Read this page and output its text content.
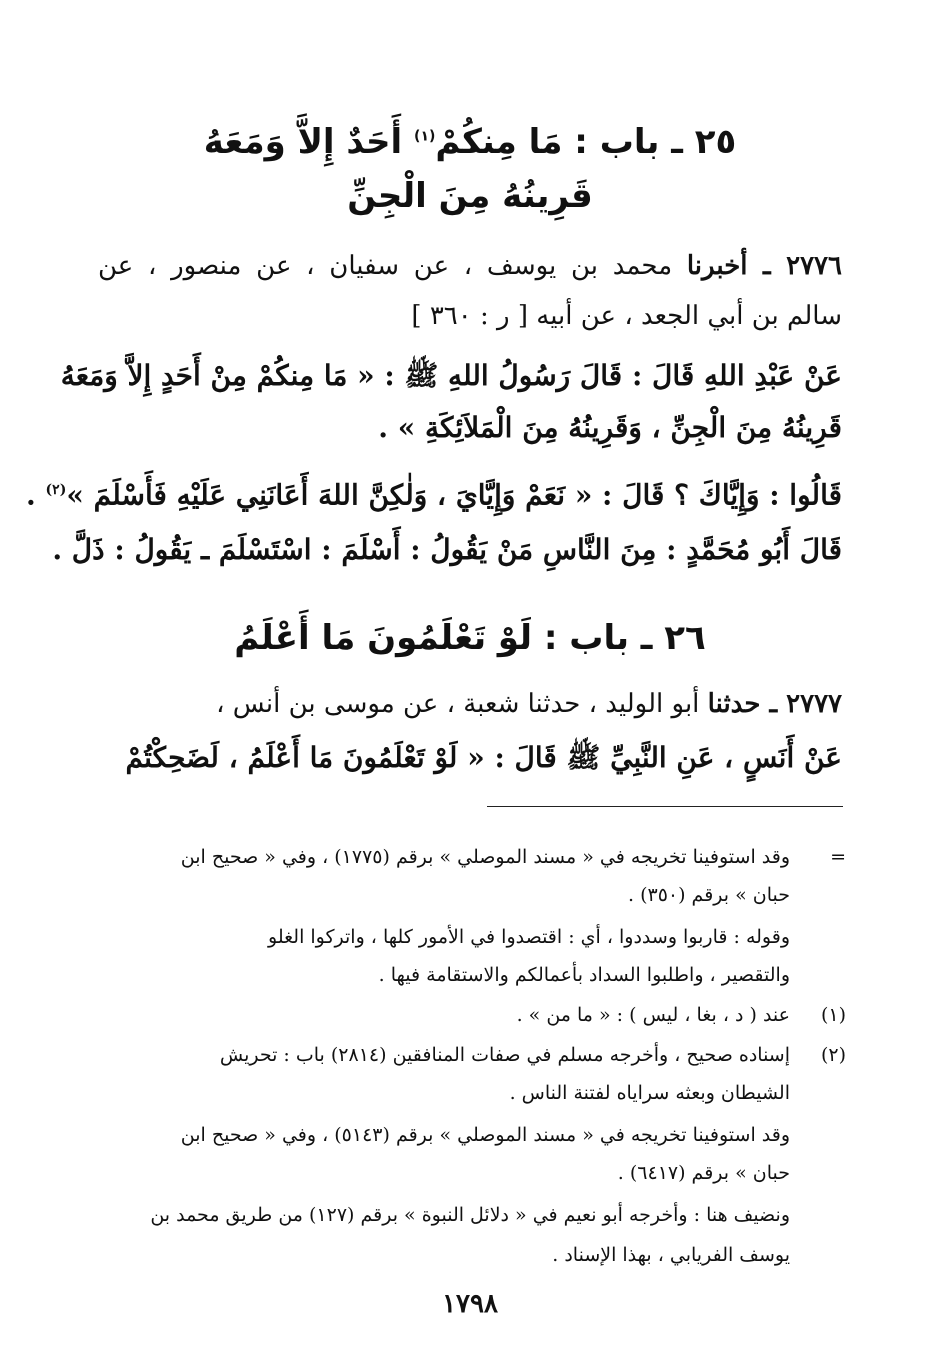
٢٥ ـ باب : مَا مِنكُمْ$^{(١)}$ أَحَدٌ إِلاَّ وَمَعَهُ
قَرِينُهُ مِنَ الْجِنِّ
٢٧٧٦ ـ أخبرنا محمد بن يوسف ، عن سفيان ، عن منصور ، عن
سالم بن أبي الجعد ، عن أبيه [ ر : ٣٦٠ ]
عَنْ عَبْدِ اللهِ قَالَ : قَالَ رَسُولُ اللهِ ﷺ : « مَا مِنكُمْ مِنْ أَحَدٍ إِلاَّ وَمَعَهُ
قَرِينُهُ مِنَ الْجِنِّ ، وَقَرِينُهُ مِنَ الْمَلاَئِكَةِ » .
قَالُوا : وَإِيَّاكَ ؟ قَالَ : « نَعَمْ وَإِيَّايَ ، وَلٰكِنَّ اللهَ أَعَانَنِي عَلَيْهِ فَأَسْلَمَ »$^{(٢)}$ .
قَالَ أَبُو مُحَمَّدٍ : مِنَ النَّاسِ مَنْ يَقُولُ : أَسْلَمَ : اسْتَسْلَمَ ـ يَقُولُ : ذَلَّ .
٢٦ ـ باب : لَوْ تَعْلَمُونَ مَا أَعْلَمُ
٢٧٧٧ ـ حدثنا أبو الوليد ، حدثنا شعبة ، عن موسى بن أنس ،
عَنْ أَنَسٍ ، عَنِ النَّبِيِّ ﷺ قَالَ : « لَوْ تَعْلَمُونَ مَا أَعْلَمُ ، لَضَحِكْتُمْ
=
وقد استوفينا تخريجه في « مسند الموصلي » برقم (١٧٧٥) ، وفي « صحيح ابن
حبان » برقم (٣٥٠) .
وقوله : قاربوا وسددوا ، أي : اقتصدوا في الأمور كلها ، واتركوا الغلو
والتقصير ، واطلبوا السداد بأعمالكم والاستقامة فيها .
(١)
عند ( د ، بغا ، ليس ) : « ما من » .
(٢)
إسناده صحيح ، وأخرجه مسلم في صفات المنافقين (٢٨١٤) باب : تحريش
الشيطان وبعثه سراياه لفتنة الناس .
وقد استوفينا تخريجه في « مسند الموصلي » برقم (٥١٤٣) ، وفي « صحيح ابن
حبان » برقم (٦٤١٧) .
ونضيف هنا : وأخرجه أبو نعيم في « دلائل النبوة » برقم (١٢٧) من طريق محمد بن
يوسف الفريابي ، بهذا الإسناد .
١٧٩٨
